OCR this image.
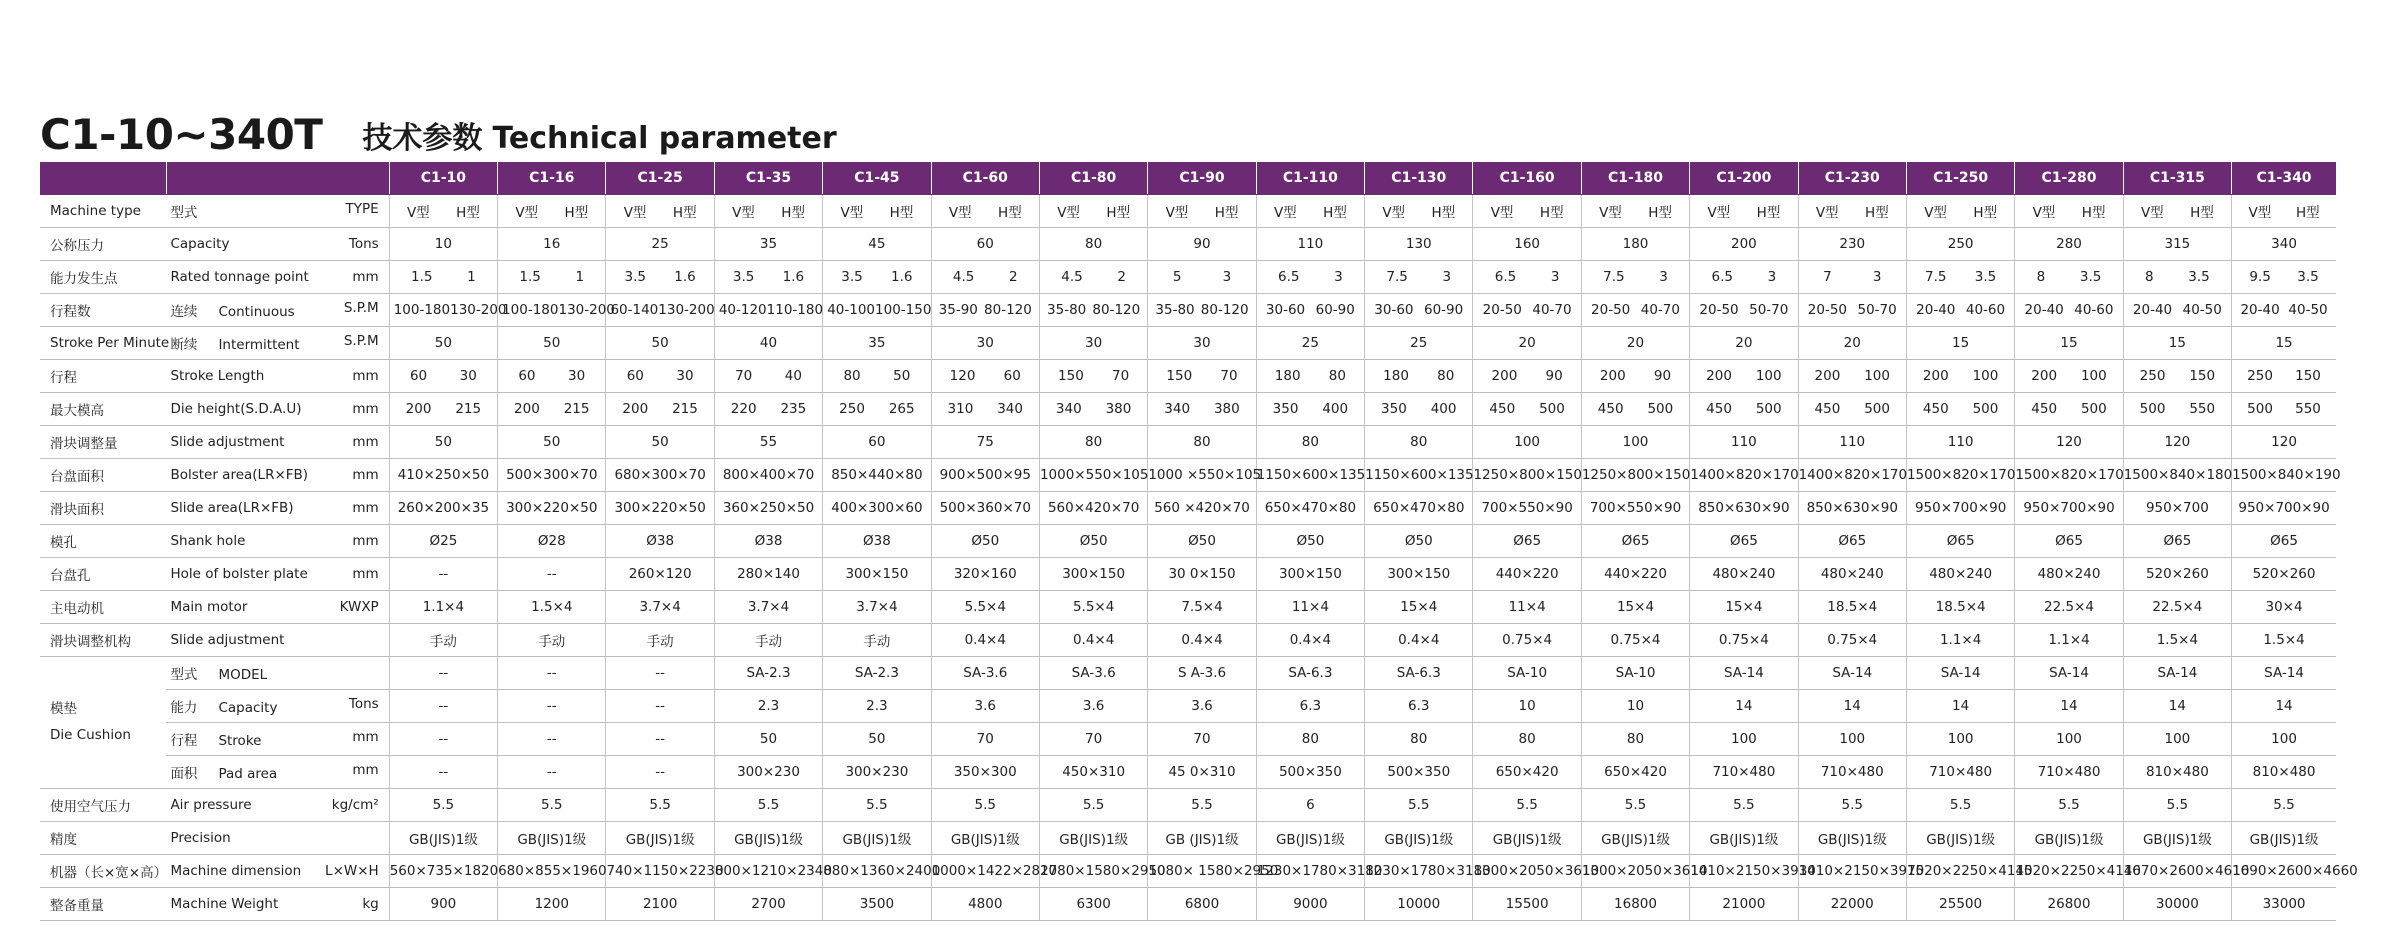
C1-10~340T 技术参数 Technical parameter
		C1-10	C1-16	C1-25	C1-35	C1-45	C1-60	C1-80	C1-90	C1-110	C1-130	C1-160	C1-180	C1-200	C1-230	C1-250	C1-280	C1-315	C1-340
Machine type	型式 TYPE	V型 H型	V型 H型	V型 H型	V型 H型	V型 H型	V型 H型	V型 H型	V型 H型	V型 H型	V型 H型	V型 H型	V型 H型	V型 H型	V型 H型	V型 H型	V型 H型	V型 H型	V型 H型

公称压力	Capacity Tons	10	16	25	35	45	60	80	90	110	130	160	180	200	230	250	280	315	340
能力发生点	Rated tonnage point mm	1.5 1	1.5 1	3.5 1.6	3.5 1.6	3.5 1.6	4.5 2	4.5 2	5 3	6.5 3	7.5 3	6.5 3	7.5 3	6.5 3	7 3	7.5 3.5	8 3.5	8 3.5	9.5 3.5

行程数	连续 Continuous S.P.M	100-180 130-200	100-180 130-200	60-140 130-200	40-120 110-180	40-100 100-150	35-90 80-120	35-80 80-120	35-80 80-120	30-60 60-90	30-60 60-90	20-50 40-70	20-50 40-70	20-50 50-70	20-50 50-70	20-40 40-60	20-40 40-60	20-40 40-50	20-40 40-50

Stroke Per Minute	断续 Intermittent S.P.M	50	50	50	40	35	30	30	30	25	25	20	20	20	20	15	15	15	15
行程	Stroke Length mm	60 30	60 30	60 30	70 40	80 50	120 60	150 70	150 70	180 80	180 80	200 90	200 90	200 100	200 100	200 100	200 100	250 150	250 150

最大模高	Die height(S.D.A.U) mm	200 215	200 215	200 215	220 235	250 265	310 340	340 380	340 380	350 400	350 400	450 500	450 500	450 500	450 500	450 500	450 500	500 550	500 550

滑块调整量	Slide adjustment mm	50	50	50	55	60	75	80	80	80	80	100	100	110	110	110	120	120	120
台盘面积	Bolster area(LR×FB) mm	410×250×50	500×300×70	680×300×70	800×400×70	850×440×80	900×500×95	1000×550×105	1000 ×550×105	1150×600×135	1150×600×135	1250×800×150	1250×800×150	1400×820×170	1400×820×170	1500×820×170	1500×820×170	1500×840×180	1500×840×190
滑块面积	Slide area(LR×FB) mm	260×200×35	300×220×50	300×220×50	360×250×50	400×300×60	500×360×70	560×420×70	560 ×420×70	650×470×80	650×470×80	700×550×90	700×550×90	850×630×90	850×630×90	950×700×90	950×700×90	950×700	950×700×90
模孔	Shank hole mm	Ø25	Ø28	Ø38	Ø38	Ø38	Ø50	Ø50	Ø50	Ø50	Ø50	Ø65	Ø65	Ø65	Ø65	Ø65	Ø65	Ø65	Ø65
台盘孔	Hole of bolster plate mm	--	--	260×120	280×140	300×150	320×160	300×150	30 0×150	300×150	300×150	440×220	440×220	480×240	480×240	480×240	480×240	520×260	520×260
主电动机	Main motor KWXP	1.1×4	1.5×4	3.7×4	3.7×4	3.7×4	5.5×4	5.5×4	7.5×4	11×4	15×4	11×4	15×4	15×4	18.5×4	18.5×4	22.5×4	22.5×4	30×4
滑块调整机构	Slide adjustment	手动	手动	手动	手动	手动	0.4×4	0.4×4	0.4×4	0.4×4	0.4×4	0.75×4	0.75×4	0.75×4	0.75×4	1.1×4	1.1×4	1.5×4	1.5×4

模垫
Die Cushion	型式 MODEL	--	--	--	SA-2.3	SA-2.3	SA-3.6	SA-3.6	S A-3.6	SA-6.3	SA-6.3	SA-10	SA-10	SA-14	SA-14	SA-14	SA-14	SA-14	SA-14

	能力 Capacity Tons	--	--	--	2.3	2.3	3.6	3.6	3.6	6.3	6.3	10	10	14	14	14	14	14	14

	行程 Stroke mm	--	--	--	50	50	70	70	70	80	80	80	80	100	100	100	100	100	100

	面积 Pad area mm	--	--	--	300×230	300×230	350×300	450×310	45 0×310	500×350	500×350	650×420	650×420	710×480	710×480	710×480	710×480	810×480	810×480
使用空气压力	Air pressure kg/cm²	5.5	5.5	5.5	5.5	5.5	5.5	5.5	5.5	6	5.5	5.5	5.5	5.5	5.5	5.5	5.5	5.5	5.5
精度	Precision	GB(JIS)1级	GB(JIS)1级	GB(JIS)1级	GB(JIS)1级	GB(JIS)1级	GB(JIS)1级	GB(JIS)1级	GB (JIS)1级	GB(JIS)1级	GB(JIS)1级	GB(JIS)1级	GB(JIS)1级	GB(JIS)1级	GB(JIS)1级	GB(JIS)1级	GB(JIS)1级	GB(JIS)1级	GB(JIS)1级
机器（长×宽×高）	Machine dimension L×W×H	560×735×1820	680×855×1960	740×1150×2230	800×1210×2340	880×1360×2400	1000×1422×2827	1080×1580×2950	1080× 1580×2950	1230×1780×3180	1230×1780×3180	1300×2050×3610	1300×2050×3610	1410×2150×3930	1410×2150×3970	1520×2250×4140	1520×2250×4140	1670×2600×4610	1690×2600×4660
整备重量	Machine Weight kg	900	1200	2100	2700	3500	4800	6300	6800	9000	10000	15500	16800	21000	22000	25500	26800	30000	33000
